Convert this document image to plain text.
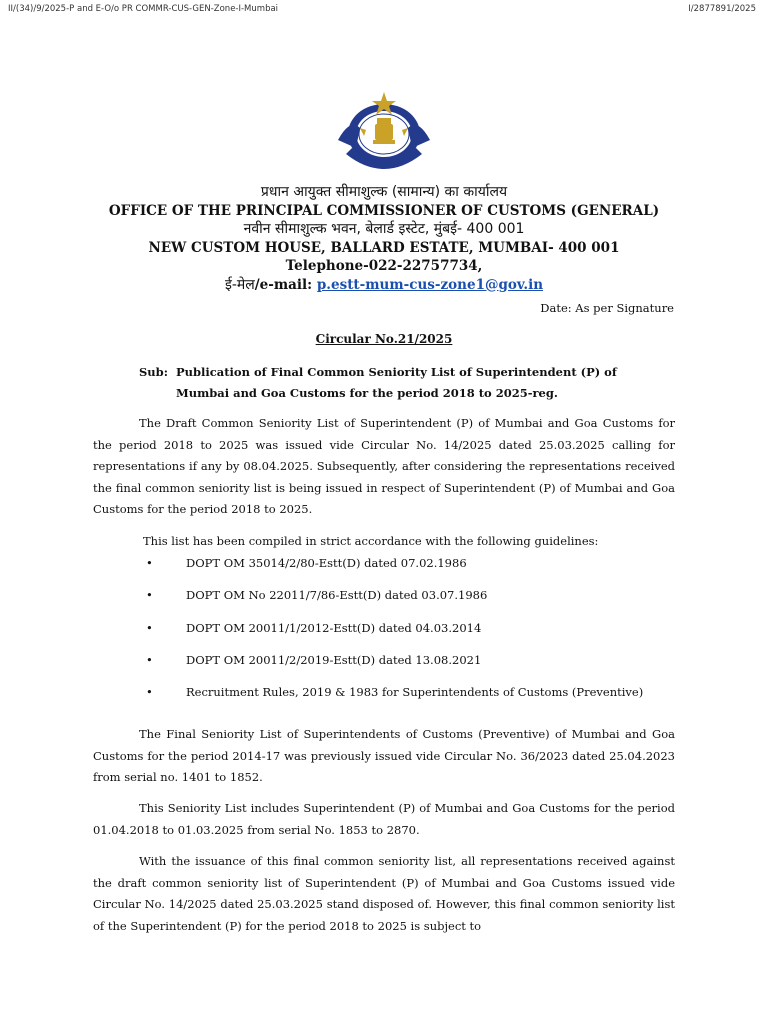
II/(34)/9/2025-P and E-O/o PR COMMR-CUS-GEN-Zone-I-Mumbai	I/2877891/2025
प्रधान आयुक्त सीमाशुल्क (सामान्य) का कार्यालय
OFFICE OF THE PRINCIPAL COMMISSIONER OF CUSTOMS (GENERAL)
नवीन सीमाशुल्क भवन, बेलार्ड इस्टेट, मुंबई- 400 001
NEW CUSTOM HOUSE, BALLARD ESTATE, MUMBAI- 400 001
Telephone-022-22757734,
ई-मेल/e-mail: p.estt-mum-cus-zone1@gov.in
Date: As per Signature
Circular No.21/2025
Sub: Publication of Final Common Seniority List of Superintendent (P) of
Mumbai and Goa Customs for the period 2018 to 2025-reg.

The Draft Common Seniority List of Superintendent (P) of Mumbai and Goa Customs for the period 2018 to 2025 was issued vide Circular No. 14/2025 dated 25.03.2025 calling for representations if any by 08.04.2025. Subsequently, after considering the representations received the final common seniority list is being issued in respect of Superintendent (P) of Mumbai and Goa Customs for the period 2018 to 2025.

This list has been compiled in strict accordance with the following guidelines:

•	DOPT OM 35014/2/80-Estt(D) dated 07.02.1986
•	DOPT OM No 22011/7/86-Estt(D) dated 03.07.1986
•	DOPT OM 20011/1/2012-Estt(D) dated 04.03.2014
•	DOPT OM 20011/2/2019-Estt(D) dated 13.08.2021
•	Recruitment Rules, 2019 & 1983 for Superintendents of Customs (Preventive)

The Final Seniority List of Superintendents of Customs (Preventive) of Mumbai and Goa Customs for the period 2014-17 was previously issued vide Circular No. 36/2023 dated 25.04.2023 from serial no. 1401 to 1852.

This Seniority List includes Superintendent (P) of Mumbai and Goa Customs for the period 01.04.2018 to 01.03.2025 from serial No. 1853 to 2870.

With the issuance of this final common seniority list, all representations received against the draft common seniority list of Superintendent (P) of Mumbai and Goa Customs issued vide Circular No. 14/2025 dated 25.03.2025 stand disposed of. However, this final common seniority list of the Superintendent (P) for the period 2018 to 2025 is subject to
